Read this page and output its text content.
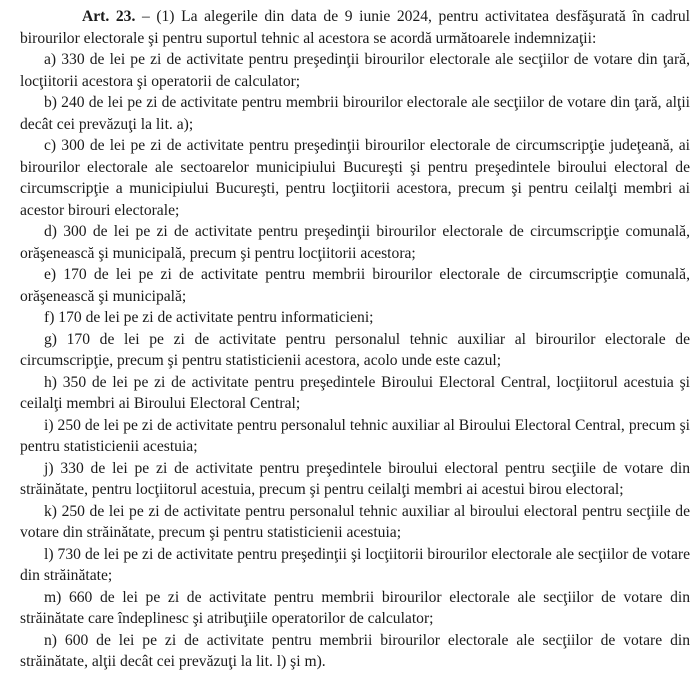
Art. 23. – (1) La alegerile din data de 9 iunie 2024, pentru activitatea desfăşurată în cadrul birourilor electorale şi pentru suportul tehnic al acestora se acordă următoarele indemnizaţii:

a) 330 de lei pe zi de activitate pentru preşedinţii birourilor electorale ale secţiilor de votare din ţară, locţiitorii acestora şi operatorii de calculator;

b) 240 de lei pe zi de activitate pentru membrii birourilor electorale ale secţiilor de votare din ţară, alţii decât cei prevăzuţi la lit. a);

c) 300 de lei pe zi de activitate pentru preşedinţii birourilor electorale de circumscripţie judeţeană, ai birourilor electorale ale sectoarelor municipiului Bucureşti şi pentru preşedintele biroului electoral de circumscripţie a municipiului Bucureşti, pentru locţiitorii acestora, precum şi pentru ceilalţi membri ai acestor birouri electorale;

d) 300 de lei pe zi de activitate pentru preşedinţii birourilor electorale de circumscripţie comunală, orăşenească şi municipală, precum şi pentru locţiitorii acestora;

e) 170 de lei pe zi de activitate pentru membrii birourilor electorale de circumscripţie comunală, orăşenească şi municipală;

f) 170 de lei pe zi de activitate pentru informaticieni;

g) 170 de lei pe zi de activitate pentru personalul tehnic auxiliar al birourilor electorale de circumscripţie, precum şi pentru statisticienii acestora, acolo unde este cazul;

h) 350 de lei pe zi de activitate pentru preşedintele Biroului Electoral Central, locţiitorul acestuia şi ceilalţi membri ai Biroului Electoral Central;

i) 250 de lei pe zi de activitate pentru personalul tehnic auxiliar al Biroului Electoral Central, precum şi pentru statisticienii acestuia;

j) 330 de lei pe zi de activitate pentru preşedintele biroului electoral pentru secţiile de votare din străinătate, pentru locţiitorul acestuia, precum şi pentru ceilalţi membri ai acestui birou electoral;

k) 250 de lei pe zi de activitate pentru personalul tehnic auxiliar al biroului electoral pentru secţiile de votare din străinătate, precum şi pentru statisticienii acestuia;

l) 730 de lei pe zi de activitate pentru preşedinţii şi locţiitorii birourilor electorale ale secţiilor de votare din străinătate;

m) 660 de lei pe zi de activitate pentru membrii birourilor electorale ale secţiilor de votare din străinătate care îndeplinesc şi atribuţiile operatorilor de calculator;

n) 600 de lei pe zi de activitate pentru membrii birourilor electorale ale secţiilor de votare din străinătate, alţii decât cei prevăzuţi la lit. l) şi m).
